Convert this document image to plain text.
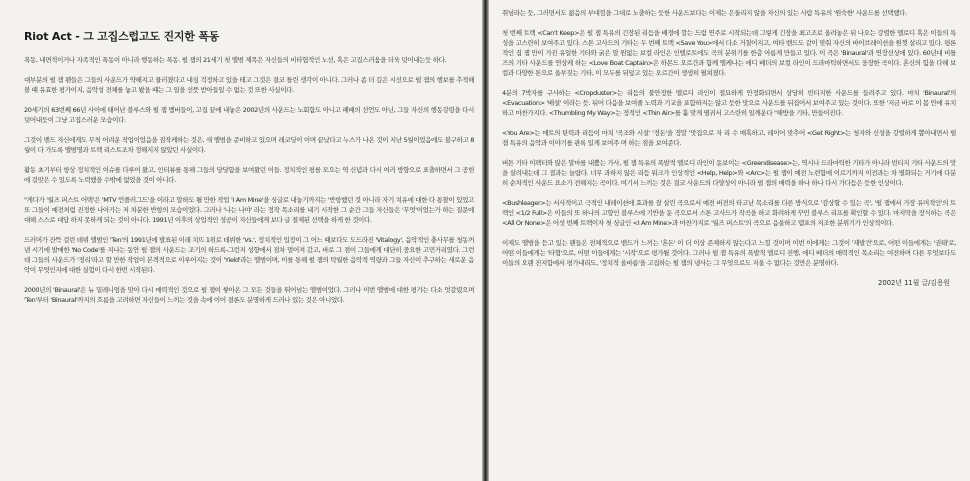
Riot Act - 그 고집스럽고도 진지한 폭동

폭동, 내면적이거나 자족적인 폭동이 아니라 행동하는 폭동. 펄 잼의 21세기 첫 앨범 제목은 자신들의 비타협적인 노선, 혹은 고집스러움을 더욱 덧어내는듯 하다.

대부분의 펄 잼 팬들은 그들의 사운드가 약해지고 물러졌다고 내심 걱정하고 있을 테고 그것은 결코 틀린 생각이 아니다. 그러나 좀 더 깊은 시선으로 펄 잼의 행보를 추적해볼 때 유효한 평가이지, 음악성 전체를 놓고 봤을 때는 그 일을 선뜻 받아들일 수 없는 것 또한 사실이다.

20세기의 63번째 66년 사이에 태어난 블루스와 펄 잼 멤버들이, 고집 끝에 내놓은 2002년의 사운드는 노회함도 아니고 폐배의 선언도 아닌, 그들 자신의 행동강령을 다시 덧어내듯이 그냥 고집스러운 모습이다.

그것이 밴드 자신에게도 무척 어려운 작업이었음을 짐작케하는 것은, 새 앨범을 준비하고 있으며 레코딩이 이며 끝났다고 누스가 나온 것이 지난 5월이었음에도 불구하고 8월이 다 가도록 앨범명과 트랙 리스트조차 정해지지 않았던 사실이다.

활동 초기부터 항상 정치적인 이슈를 다루어 왔고, 인터뷰를 통해 그들의 당당함을 보여왔던 이들. 정치적인 평를 모으는 역 신념과 다시 여러 방향으로 표출하면서 그 공헌에 걸맞은 수 있도록 노력했을 수밖에 없었을 것이 아니다.

"게다가 '월즈 퍼스트 어택'은 'MTV 언플러그드'을 이라고 말하도 될 만한 작업 'I Am Mine'을 싱글로 내놓기까지는 '반항했던 것 아니라 자기 치유에 대한 다 통찰이 있었고 또 그들이 예전처럼 진정한 나아가는 저 차분한 반항의 모습이었다. 그러나 '나는 나야' 라는 정작 목소리를 내기 시작한 그 순간 그들 자신들은 '무엇'이었는가 하는 질문에 대해 스스로 대답 하지 못하게 되는 것이 아니다. 1991년 이후의 상업적인 성공이 자신들에게 보다 글 절제된 선택을 하게 한 것이다.

드러머가 잔뜩 걸린 데뷔 앨범인 'Ten'의 1991년에 발표된 이래 치뜨 1위로 데뷔한 'Vs.', 정치적인 입장이 그 어느 때보다도 도드라진 'Vitalogy', 음악적인 충사무를 청동꺼낸 시기에 발매한 'No Code'를 지나는 동안 펄 잼의 사운드는 조기의 하드록-그런지 성향에서 점차 멀어져 갔고, 바로 그 점이 그들에게 대단히 중요한 고민거리였다. 그런데 그들의 사운드가 '정리'라고 할 만한 작업이 본격적으로 이루어지는 것이 'Yield'라는 앨범이며, 이를 통해 펄 잼의 탁월한 음악적 역량과 그들 자신이 추구하는 새로운 음악이 무엇인지에 대한 실험이 다시 한번 시작된다.

2000년의 'Binaural'은 뉴 밀레니엄을 맞아 다시 매력적인 것으로 펄 잼이 쌓아온 그 모든 것들을 뛰어넘는 앨범이었다. 그러나 이번 앨범에 대한 평가는 다소 엇갈렸으며 'Ten'부터 'Binaural'까지의 흐름을 고려하면 자신들이 느끼는 것을 속에 이어 결론도 분명하게 드러나 있는 것은 아니었다.

취넘라는 듯, 그러면서도 젊음의 부대낌을 그대로 노출하는 듯한 사운드보다는 이제는 은둘리지 않을 자신의 있는 사람 특유의 '원숙한' 사운드를 선택했다.

첫 번째 트랙 <Can't Keep>은 펄 잼 특유의 긴장된 리듬을 배경에 깔는 드럼 연주로 시작되는데 그렇게 긴장을 최고조로 올려놓은 뒤 나오는 강렬한 멜로디 훅은 이들의 특성을 고스란히 보여주고 있다. 스톤 고사드의 기타는 두 번째 트랙 <Save You>에서 다소 거칠어지고, 여타 밴드도 같이 맞춰 자신의 바이브레이션을 원껏 살리고 있다. 평론적인 집 잼 만이 가진 유일한 기타와 굵은 말 원없는 보컬 라인은 인텔로트에도 곡의 분위기를 한층 아름게 만들고 있다. 이 곡은 'Binaural'과 연장선상에 있다. 60년대 비틀즈의 기타 사운드를 연상케 하는 <Love Boat Captain>은 하몬드 오르간과 함께 엘케나는 에디 베더의 보컬 라인이 드라마틱하면서도 웅장한 곡이다. 혼신의 힘을 다해 보컬과 다양한 톤으로 울부짖는 기타, 이 모두를 뒤덮고 있는 오르간이 생생히 펼쳐졌다.

4분의 7박자를 구사하는 <Cropduster>는 리듬의 불안정한 멜로디 라인이 절묘하게 안정화되면서 상당히 빈티지한 사운드를 들려주고 있다. 마치 'Binaural'의 <Evacuation> '배설' 이라는 듯. 뒤어 다음을 보여줄 노력과 기교을 포함하지는 않고 듯한 맛으로 사운드를 뒤집어서 보여주고 있는 것이다. 또한 '지금 바로 이 몸 안에 유치하고 마찬가지다. <Thumbling My Way>는 정적인 <Thin Air>를 훌 맞게 떨궈서 고스란히 일깨운다 "해방을 기타, 만들어진다.

<You Are>는 매트의 탄력과 리듬이 마치 '곡조와 시설' '정돈'을 정말 '맛집으로 자 리 수 매혹하고, 레이어 맞추어 <Get Right>는 청자와 신성을 강렬하게 뽑아내면서 펄 잼 특유의 음악과 이야기를 관록 있게 보여주 며 하는 점을 보여준다.

버튼 기타 이펙터와 많은 말마를 내뿜는 가사, 펄 잼 특유의 폭발적 멜로디 라인이 돋보이는 <Greendisease>는, 역시나 드라마틱한 기타가 아니라 빈티지 기타 사운드의 맛을 살려내는데 그 결과는 놀랍다. 너무 과하지 않은 리듬 워크가 인상적인 <Help, Help>와 <Arc>는 펄 잼이 예전 노련함에 이르기까지 이전과는 차 별화되는 거기에 다분히 순차적인 사운드 요소가 전해지는 곡이다. 여기서 느끼는 것은 결코 사운드의 다양성이 아니라 펄 잼의 매력을 하나 하나 다시 가다듬은 듯한 인상이다.

<Bushleager>는 서사적이고 극적인 내레이션에 효과를 잘 살린 곡으로서 예전 버전의 타고난 목소리를 다른 방식으로 '감상할 수 있는 곡', '펄 잼에서 가장 유머적인'의 트랙인 <1/2 Full>은 이들의 또 하나의 고향인 블루스에 기반을 둔 곡으로서 스톤 고사드가 작곡을 하고 화려하게 꾸민 블루스 리프를 확인할 수 있다. 마지막을 장식하는 곡은 <All Or None>은 어섯 번째 트랙이자 첫 싱글인 <I Am Mine>과 마찬가지로 '월즈 퍼스트'의 곡으로 음울하고 템포의 저조한 분위기가 인상적이다.

이제도 앨범을 듣고 있는 팬들은 전체적으로 밴드가 느끼는 '혼돈' 이 더 이상 존재하지 않는다고 느낄 것이며 이번 이에게는 그것이 '재발견'으로, 어떤 이들에게는 '권태'로, 어떤 이들에게는 '타협'으로, 어떤 이들에게는 '시작'으로 평가될 것이다. 그러나 펄 잼 특유의 폭발적 멜로디 진행, 에디 베더의 매력적인 목소리는 여전하며 다른 무엇보다도 이들의 오랜 진지함에서 평가내리도, '정치적 올바름'을 고집하는 펄 잼의 냉사는 그 무엇으로도 지울 수 없다는 것만은 분명하다.

2002년 11월 글/김용원
